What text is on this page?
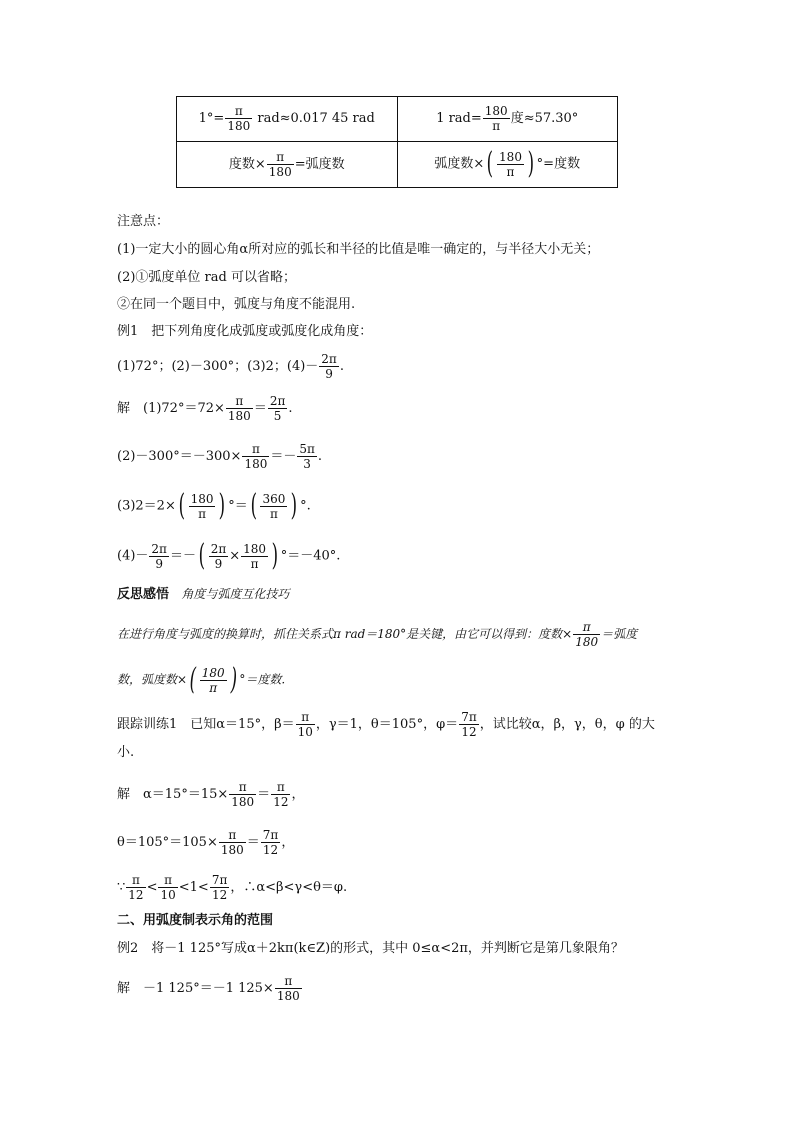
$1^\circ= \frac{\pi}{180} rad\approx 0.017$ 45 rad	1 $rad= \frac{180}{\pi}$ 度≈57.30°
度数× $\frac{\pi}{180}$ =弧度数	弧度数×( $\frac{180}{\pi}$ ) °=度数
注意点：
(1)一定大小的圆心角α所对应的弧长和半径的比值是唯一确定的，与半径大小无关；
(2)①弧度单位 rad 可以省略；
②在同一个题目中，弧度与角度不能混用.
例1　把下列角度化成弧度或弧度化成角度：
(1)72°；(2)－300°；(3)2；$(4)- \frac{2\pi}{9}$ .
解　$(1)72^\circ=72\times \frac{\pi}{180} = \frac{2\pi}{5}$ .
$(2)-300^\circ=-300\times \frac{\pi}{180} =- \frac{5\pi}{3}$ .
$(3)2=2\times( \frac{180}{\pi}$ ) °＝( $\frac{360}{\pi}$ ) °.
$(4)- \frac{2\pi}{9}$ ＝－( $\frac{2\pi}{9} \times \frac{180}{\pi}$ ) °＝－40°.
反思感悟 角度与弧度互化技巧
在进行角度与弧度的换算时，抓住关系式π rad＝180°是关键，由它可以得到：度数× $\frac{\pi}{180}$ ＝弧度
数，弧度数×( $\frac{180}{\pi}$ ) °＝度数.
跟踪训练1　已知α＝15°，$\beta= \frac{\pi}{10}$ ，γ＝1，θ＝105°，$\varphi= \frac{7\pi}{12}$ ，试比较α，β，γ，θ，φ 的大
小.
解　$\alpha=15^\circ=15\times \frac{\pi}{180} = \frac{\pi}{12}$ ，
$\theta=105^\circ=105\times \frac{\pi}{180} = \frac{7\pi}{12}$ ，
∵ $\frac{\pi}{12} < \frac{\pi}{10} <1< \frac{7\pi}{12}$ ，∴α<β<γ<θ＝φ.
二、用弧度制表示角的范围
例2　将－1 125°写成α＋2kπ(k∈Z)的形式，其中 0≤α<2π，并判断它是第几象限角？
解　－1 125°＝－1 $125\times \frac{\pi}{180}$
